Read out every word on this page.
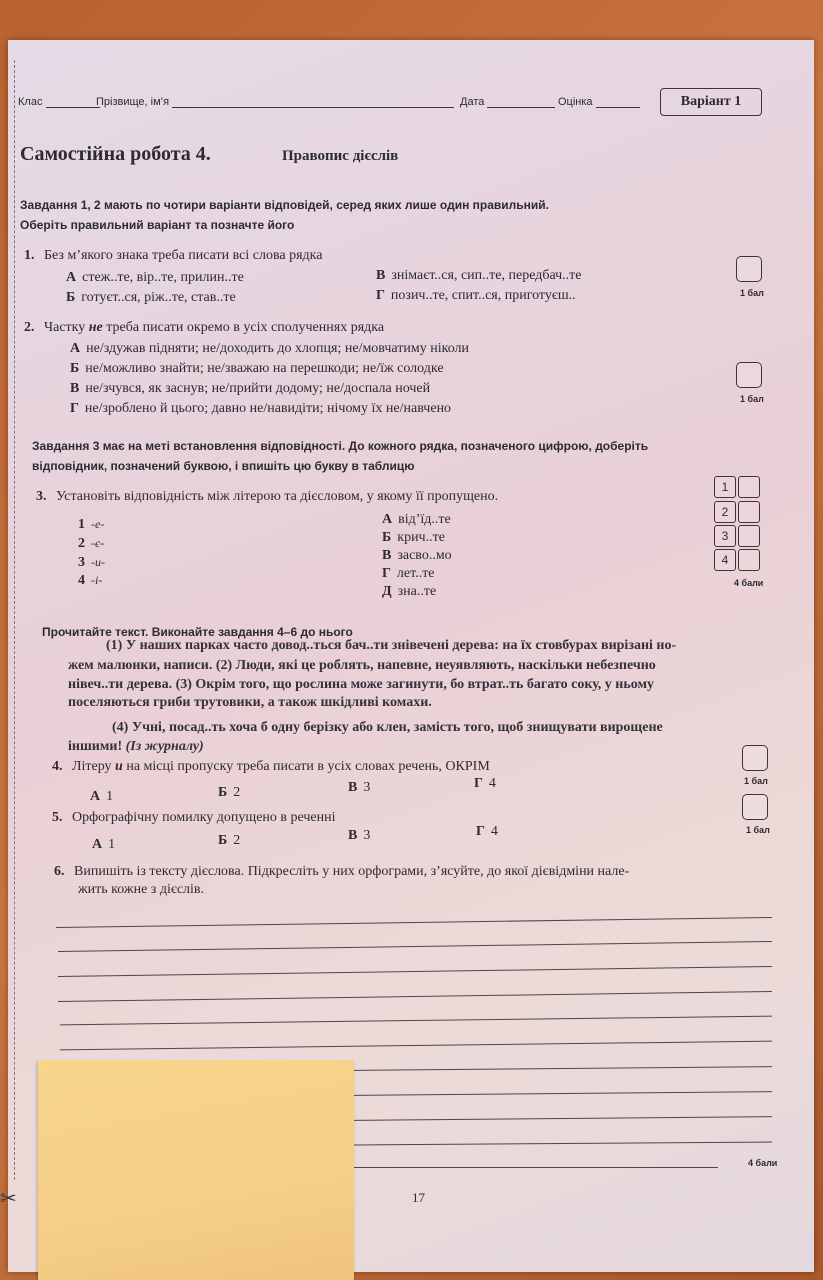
Клас	Прізвище, ім’я	Дата	Оцінка	Варіант 1
Самостійна робота 4.	Правопис дієслів
Завдання 1, 2 мають по чотири варіанти відповідей, серед яких лише один правильний.
Оберіть правильний варіант та позначте його
1. Без м’якого знака треба писати всі слова рядка
А стеж..те, вір..те, прилин..те
Б готуєт..ся, ріж..те, став..те
В знімаєт..ся, сип..те, передбач..те
Г позич..те, спит..ся, приготуєш..	1 бал
2. Частку не треба писати окремо в усіх сполученнях рядка
А не/здужав підняти; не/доходить до хлопця; не/мовчатиму ніколи
Б не/можливо знайти; не/зважаю на перешкоди; не/їж солодке
В не/зчувся, як заснув; не/прийти додому; не/доспала ночей
Г не/зроблено й цього; давно не/навидіти; нічому їх не/навчено
1 бал
Завдання 3 має на меті встановлення відповідності. До кожного рядка, позначеного цифрою, доберіть
відповідник, позначений буквою, і впишіть цю букву в таблицю
3. Установіть відповідність між літерою та дієсловом, у якому її пропущено.
1 -е-
2 -є-
3 -и-
4 -і-
А від’їд..те
Б крич..те
В засво..мо
Г лет..те
Д зна..те
1
2
3
4
4 бали
Прочитайте текст. Виконайте завдання 4–6 до нього
(1) У наших парках часто довод..ться бач..ти знівечені дерева: на їх стовбурах вирізані но-
жем малюнки, написи. (2) Люди, які це роблять, напевне, неуявляють, наскільки небезпечно
нівеч..ти дерева. (3) Окрім того, що рослина може загинути, бо втрат..ть багато соку, у ньому
поселяються гриби трутовики, а також шкідливі комахи.
(4) Учні, посад..ть хоча б одну берізку або клен, замість того, щоб знищувати вирощене
іншими! (Із журналу)
4. Літеру и на місці пропуску треба писати в усіх словах речень, ОКРІМ
А 1	Б 2	В 3	Г 4	1 бал
5. Орфографічну помилку допущено в реченні
А 1	Б 2	В 3	Г 4	1 бал
6. Випишіть із тексту дієслова. Підкресліть у них орфограми, з’ясуйте, до якої дієвідміни нале-
жить кожне з дієслів.
4 бали
17
✂
